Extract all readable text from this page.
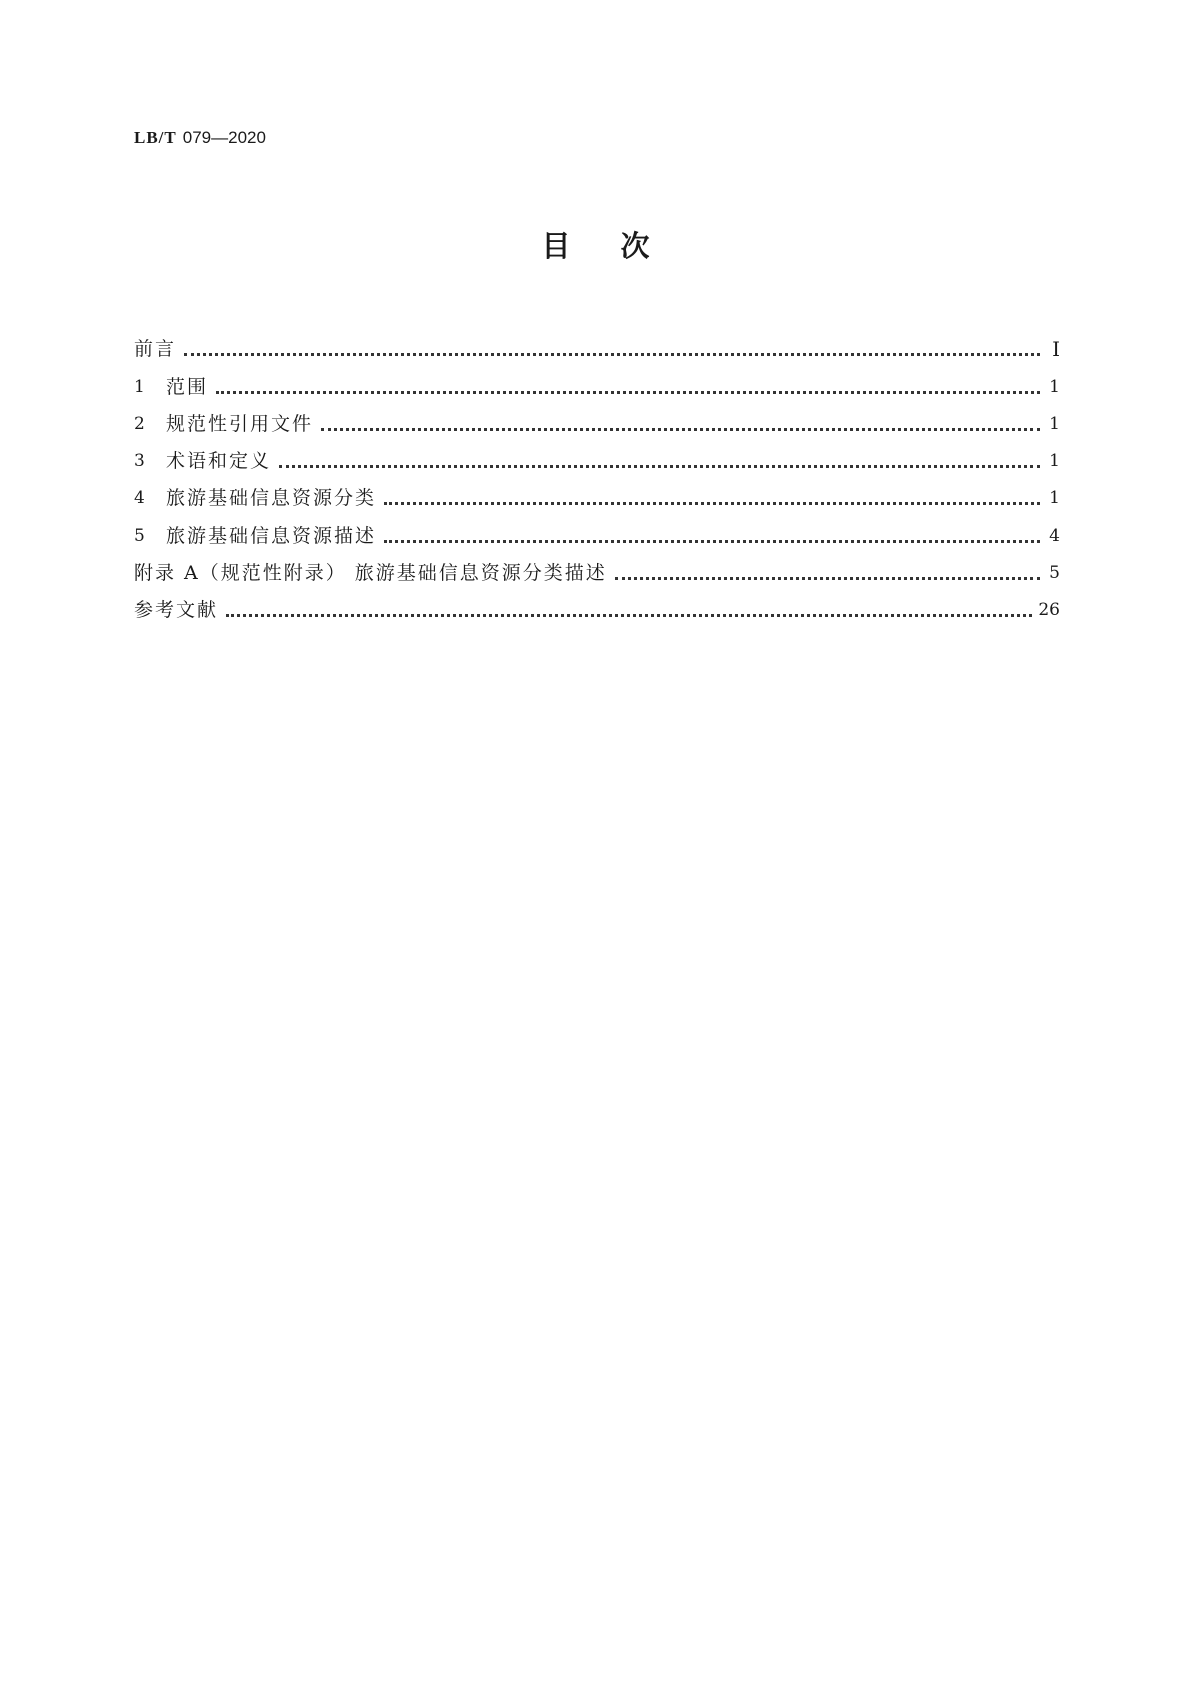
LB/T 079—2020
目次
前言	Ⅰ
1	范围	1
2	规范性引用文件	1
3	术语和定义	1
4	旅游基础信息资源分类	1
5	旅游基础信息资源描述	4
附录 A（规范性附录） 旅游基础信息资源分类描述	5
参考文献	26
